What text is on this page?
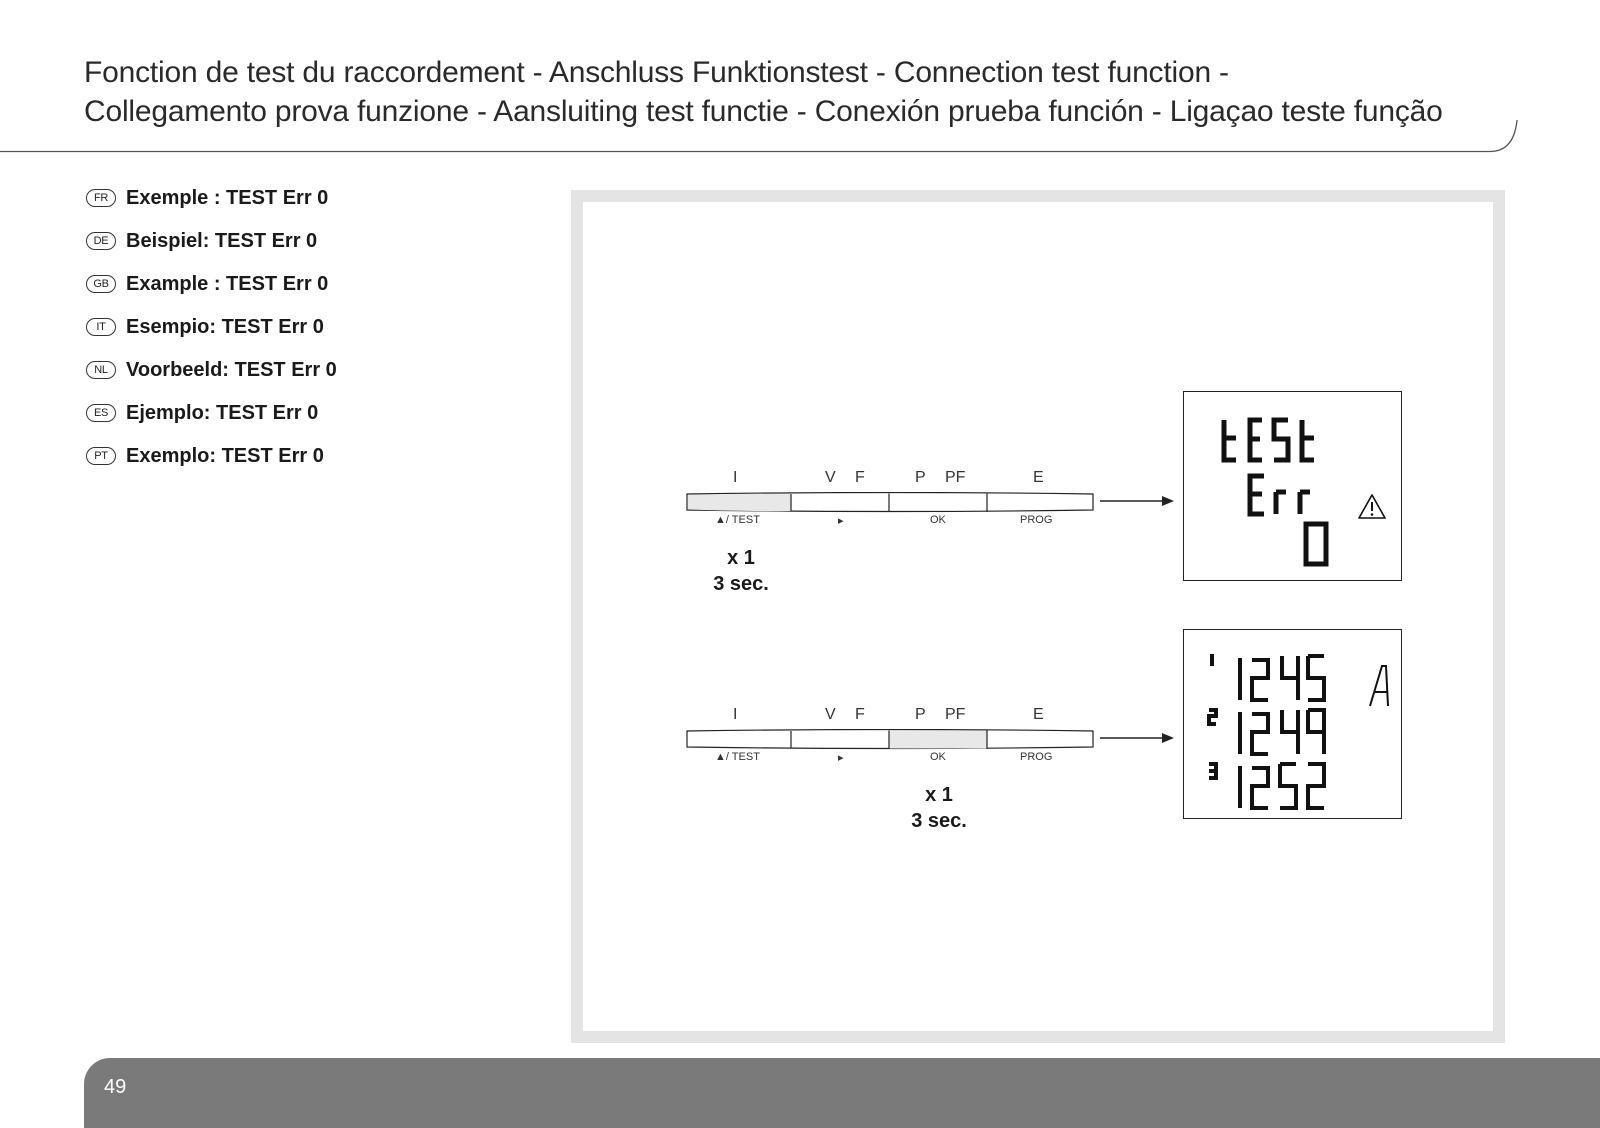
Fonction de test du raccordement - Anschluss Funktionstest - Connection test function -
Collegamento prova funzione - Aansluiting test functie - Conexión prueba función - Ligaçao teste função
FR Exemple : TEST Err 0
DE Beispiel: TEST Err 0
GB Example : TEST Err 0
IT	Esempio: TEST Err 0
NL Voorbeeld: TEST Err 0
ES Ejemplo: TEST Err 0
PT Exemplo: TEST Err 0
I	V F	P PF	E
▲/ TEST	▸	OK	PROG
x 1
3 sec.
I	V F	P PF	E
▲/ TEST	▸	OK	PROG
x 1
3 sec.
49
